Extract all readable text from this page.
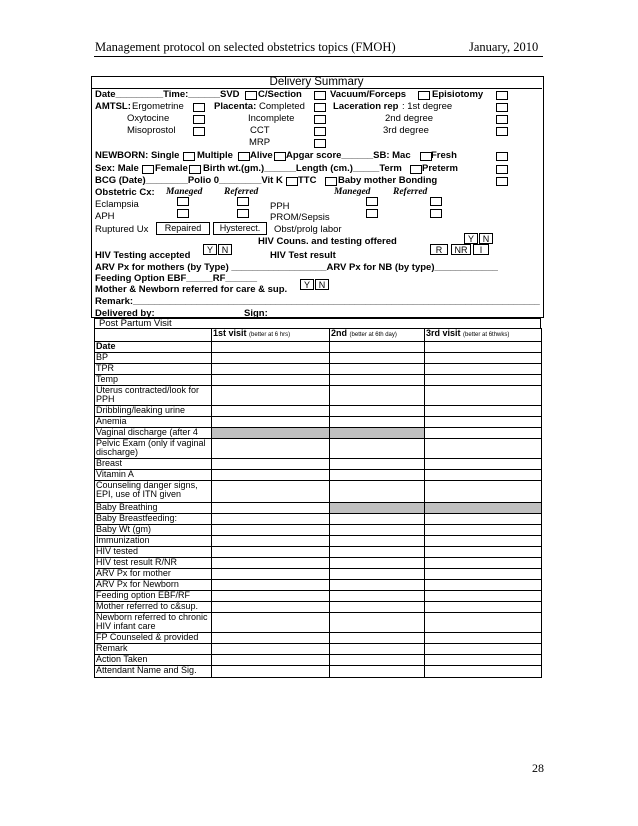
Management protocol on selected obstetrics topics (FMOH)	January, 2010
Delivery Summary
Date_________Time:______SVD C/Section	Vacuum/Forceps	Episiotomy
AMTSL: Ergometrine	Placenta: Completed	Laceration rep : 1st degree
Oxytocine	Incomplete	2nd degree
Misoprostol	CCT	3rd degree
MRP
NEWBORN: Single Multiple Alive Apgar score______SB: Mac Fresh
Sex: Male Female Birth wt.(gm.)______Length (cm.)_____Term Preterm
BCG (Date)________Polio 0________Vit K TTC Baby mother Bonding
Obstetric Cx: Maneged Referred	Maneged Referred
Eclampsia	PPH
APH	PROM/Sepsis
Ruptured Ux	Repaired	Hysterect.	Obst/prolg labor
HIV Couns. and testing offered	Y N
HIV Testing accepted	Y N	HIV Test result	R	NR	I
ARV Px for mothers (by Type) __________________ARV Px for NB (by type)____________
Feeding Option EBF_____RF______
Mother & Newborn referred for care & sup.	Y N
Remark:_____________________________________________________________________________
Delivered by:	Sign:
Post Partum Visit
	1st visit (better at 6 hrs)	2nd (better at 6th day)	3rd visit (better at 6thwks)
Date			
BP			
TPR			
Temp			
Uterus contracted/look for PPH			
Dribbling/leaking urine			
Anemia			
Vaginal discharge (after 4			
Pelvic Exam (only if vaginal discharge)			
Breast			
Vitamin A			
Counseling danger signs, EPI, use of ITN given			
Baby Breathing			
Baby Breastfeeding:			
Baby Wt (gm)			
Immunization			
HIV tested			
HIV test result R/NR			
ARV Px for mother			
ARV Px for Newborn			
Feeding option EBF/RF			
Mother referred to c&sup.			
Newborn referred to chronic HIV infant care			
FP Counseled & provided			
Remark			
Action Taken			
Attendant Name and Sig.			
28
